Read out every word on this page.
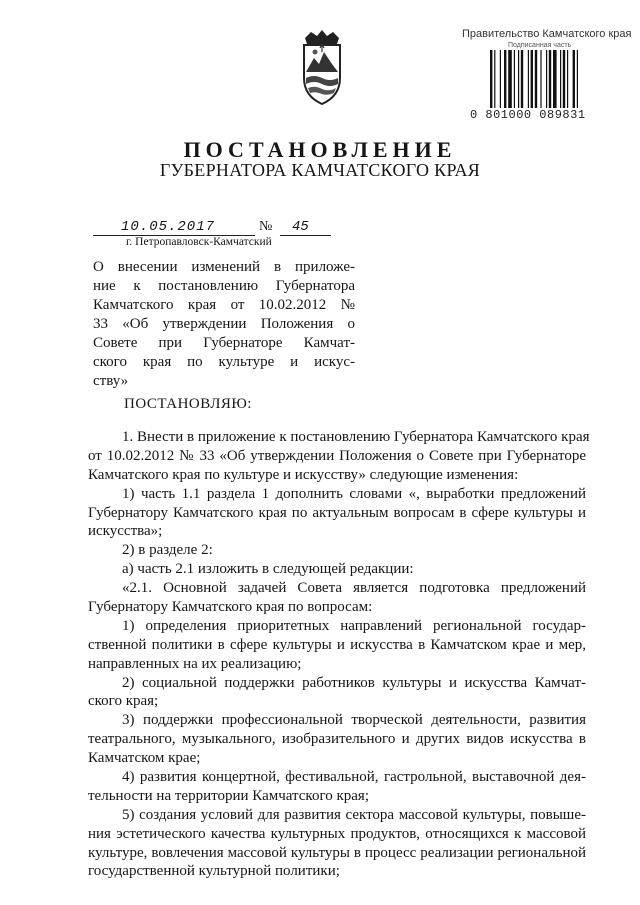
Правительство Камчатского края
Подписанная часть
0 801000 089831
ПОСТАНОВЛЕНИЕ
ГУБЕРНАТОРА КАМЧАТСКОГО КРАЯ
10.05.2017	№ 45
г. Петропавловск-Камчатский
О внесении изменений в приложе-
ние к постановлению Губернатора
Камчатского края от 10.02.2012 №
33 «Об утверждении Положения о
Совете при Губернаторе Камчат-
ского края по культуре и искус-
ству»
ПОСТАНОВЛЯЮ:
1. Внести в приложение к постановлению Губернатора Камчатского края
от 10.02.2012 № 33 «Об утверждении Положения о Совете при Губернаторе
Камчатского края по культуре и искусству» следующие изменения:
1) часть 1.1 раздела 1 дополнить словами «, выработки предложений
Губернатору Камчатского края по актуальным вопросам в сфере культуры и
искусства»;
2) в разделе 2:
а) часть 2.1 изложить в следующей редакции:
«2.1. Основной задачей Совета является подготовка предложений
Губернатору Камчатского края по вопросам:
1) определения приоритетных направлений региональной государ-
ственной политики в сфере культуры и искусства в Камчатском крае и мер,
направленных на их реализацию;
2) социальной поддержки работников культуры и искусства Камчат-
ского края;
3) поддержки профессиональной творческой деятельности, развития
театрального, музыкального, изобразительного и других видов искусства в
Камчатском крае;
4) развития концертной, фестивальной, гастрольной, выставочной дея-
тельности на территории Камчатского края;
5) создания условий для развития сектора массовой культуры, повыше-
ния эстетического качества культурных продуктов, относящихся к массовой
культуре, вовлечения массовой культуры в процесс реализации региональной
государственной культурной политики;
